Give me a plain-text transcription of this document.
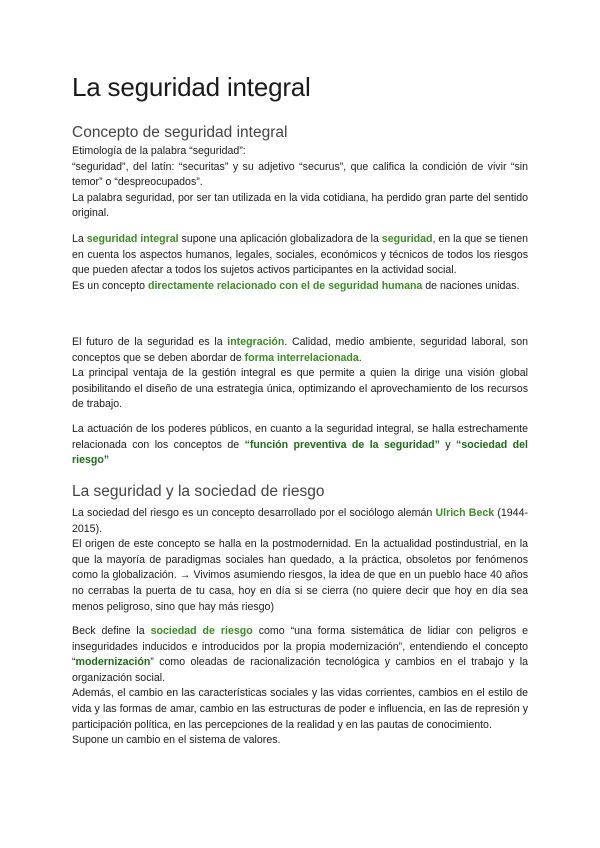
La seguridad integral
Concepto de seguridad integral

Etimología de la palabra “seguridad”:

“seguridad”, del latín: “securitas” y su adjetivo “securus”, que califica la condición de vivir “sin temor” o “despreocupados”.

La palabra seguridad, por ser tan utilizada en la vida cotidiana, ha perdido gran parte del sentido original.

La seguridad integral supone una aplicación globalizadora de la seguridad, en la que se tienen en cuenta los aspectos humanos, legales, sociales, económicos y técnicos de todos los riesgos que pueden afectar a todos los sujetos activos participantes en la actividad social.

Es un concepto directamente relacionado con el de seguridad humana de naciones unidas.

El futuro de la seguridad es la integración. Calidad, medio ambiente, seguridad laboral, son conceptos que se deben abordar de forma interrelacionada.

La principal ventaja de la gestión integral es que permite a quien la dirige una visión global posibilitando el diseño de una estrategia única, optimizando el aprovechamiento de los recursos de trabajo.

La actuación de los poderes públicos, en cuanto a la seguridad integral, se halla estrechamente relacionada con los conceptos de “función preventiva de la seguridad” y “sociedad del riesgo”

La seguridad y la sociedad de riesgo

La sociedad del riesgo es un concepto desarrollado por el sociólogo alemán Ulrich Beck (1944-2015).

El origen de este concepto se halla en la postmodernidad. En la actualidad postindustrial, en la que la mayoría de paradigmas sociales han quedado, a la práctica, obsoletos por fenómenos como la globalización. → Vivimos asumiendo riesgos, la idea de que en un pueblo hace 40 años no cerrabas la puerta de tu casa, hoy en día si se cierra (no quiere decir que hoy en día sea menos peligroso, sino que hay más riesgo)

Beck define la sociedad de riesgo como “una forma sistemática de lidiar con peligros e inseguridades inducidos e introducidos por la propia modernización”, entendiendo el concepto “modernización” como oleadas de racionalización tecnológica y cambios en el trabajo y la organización social.

Además, el cambio en las características sociales y las vidas corrientes, cambios en el estilo de vida y las formas de amar, cambio en las estructuras de poder e influencia, en las de represión y participación política, en las percepciones de la realidad y en las pautas de conocimiento.

Supone un cambio en el sistema de valores.
